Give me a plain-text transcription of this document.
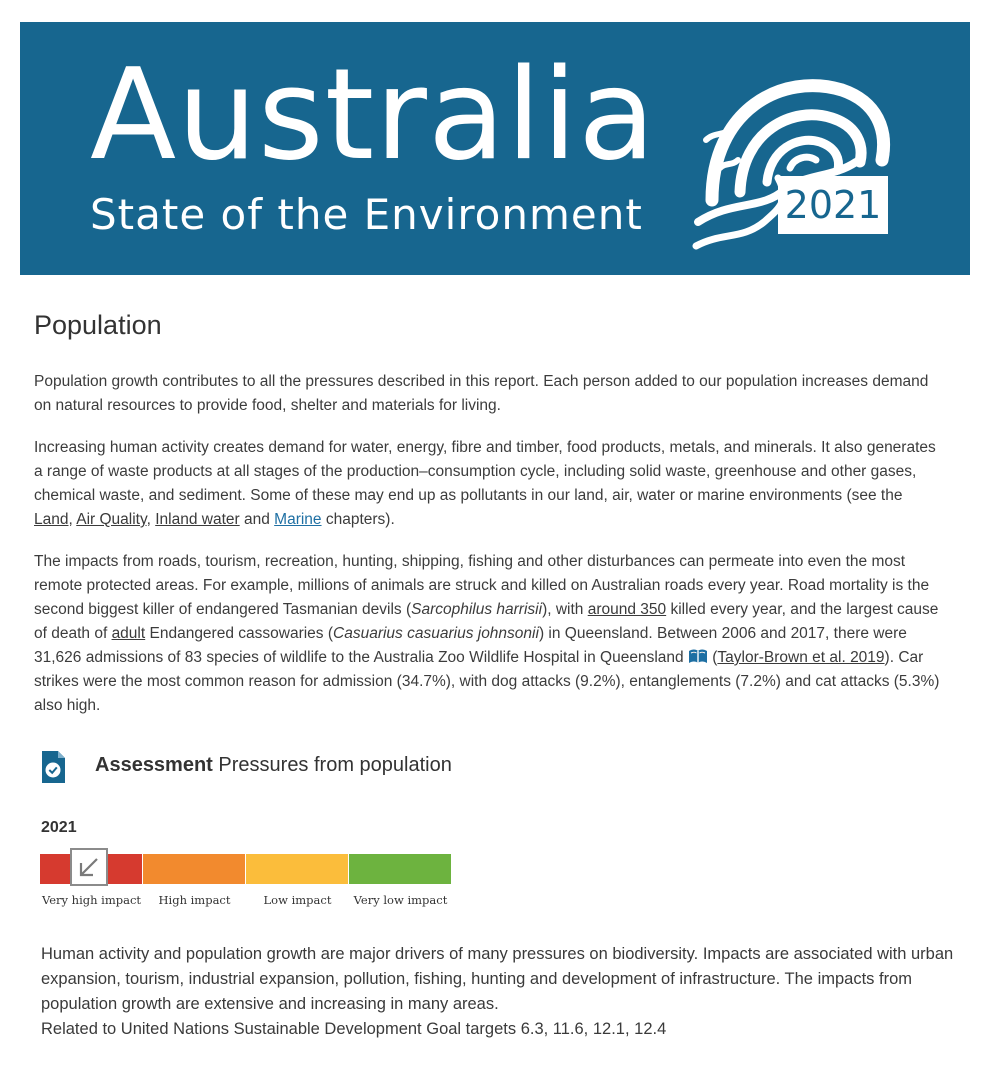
Australia
State of the Environment	2021
Population

Population growth contributes to all the pressures described in this report. Each person added to our population increases demand on natural resources to provide food, shelter and materials for living.

Increasing human activity creates demand for water, energy, fibre and timber, food products, metals, and minerals. It also generates a range of waste products at all stages of the production–consumption cycle, including solid waste, greenhouse and other gases, chemical waste, and sediment. Some of these may end up as pollutants in our land, air, water or marine environments (see the Land, Air Quality, Inland water and Marine chapters).

The impacts from roads, tourism, recreation, hunting, shipping, fishing and other disturbances can permeate into even the most remote protected areas. For example, millions of animals are struck and killed on Australian roads every year. Road mortality is the second biggest killer of endangered Tasmanian devils (Sarcophilus harrisii), with around 350 killed every year, and the largest cause of death of adult Endangered cassowaries (Casuarius casuarius johnsonii) in Queensland. Between 2006 and 2017, there were 31,626 admissions of 83 species of wildlife to the Australia Zoo Wildlife Hospital in Queensland  (Taylor-Brown et al. 2019). Car strikes were the most common reason for admission (34.7%), with dog attacks (9.2%), entanglements (7.2%) and cat attacks (5.3%) also high.

Assessment Pressures from population
2021
Very high impact	High impact	Low impact	Very low impact

Human activity and population growth are major drivers of many pressures on biodiversity. Impacts are associated with urban expansion, tourism, industrial expansion, pollution, fishing, hunting and development of infrastructure. The impacts from population growth are extensive and increasing in many areas.

Related to United Nations Sustainable Development Goal targets 6.3, 11.6, 12.1, 12.4
